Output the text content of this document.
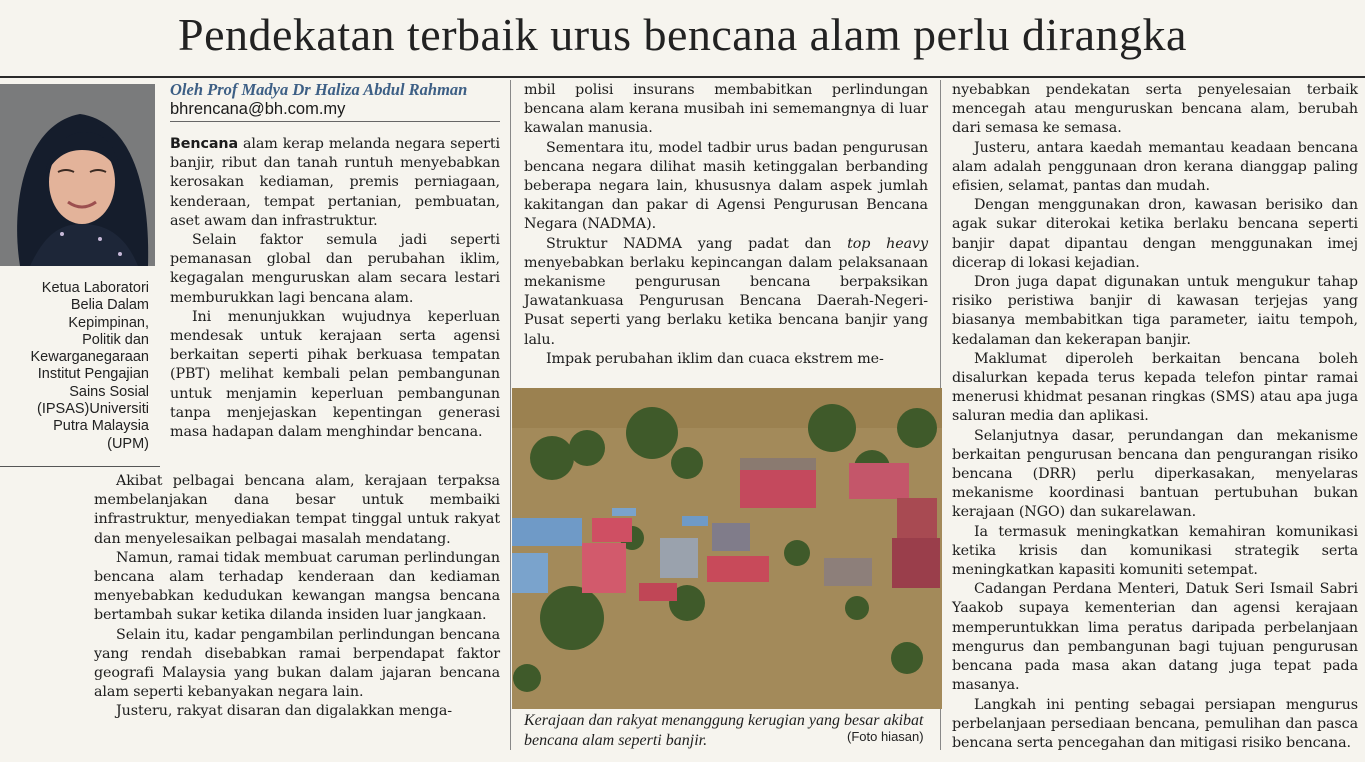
Pendekatan terbaik urus bencana alam perlu dirangka
Ketua Laboratori
Belia Dalam
Kepimpinan,
Politik dan
Kewarganegaraan
Institut Pengajian
Sains Sosial
(IPSAS)Universiti
Putra Malaysia
(UPM)
Oleh Prof Madya Dr Haliza Abdul Rahman
bhrencana@bh.com.my

Bencana alam kerap melanda negara seperti banjir, ribut dan tanah runtuh menyebabkan kerosakan kediaman, premis perniagaan, kenderaan, tempat pertanian, pembuatan, aset awam dan infrastruktur.

Selain faktor semula jadi seperti pemanasan global dan perubahan iklim, kegagalan menguruskan alam secara lestari memburukkan lagi bencana alam.

Ini menunjukkan wujudnya keperluan mendesak untuk kerajaan serta agensi berkaitan seperti pihak berkuasa tempatan (PBT) melihat kembali pelan pembangunan untuk menjamin keperluan pembangunan tanpa menjejaskan kepentingan generasi masa hadapan dalam menghindar bencana.

Akibat pelbagai bencana alam, kerajaan terpaksa membelanjakan dana besar untuk membaiki infrastruktur, menyediakan tempat tinggal untuk rakyat dan menyelesaikan pelbagai masalah mendatang.

Namun, ramai tidak membuat caruman perlindungan bencana alam terhadap kenderaan dan kediaman menyebabkan kedudukan kewangan mangsa bencana bertambah sukar ketika dilanda insiden luar jangkaan.

Selain itu, kadar pengambilan perlindungan bencana yang rendah disebabkan ramai berpendapat faktor geografi Malaysia yang bukan dalam jajaran bencana alam seperti kebanyakan negara lain.

Justeru, rakyat disaran dan digalakkan menga-

mbil polisi insurans membabitkan perlindungan bencana alam kerana musibah ini sememangnya di luar kawalan manusia.

Sementara itu, model tadbir urus badan pengurusan bencana negara dilihat masih ketinggalan berbanding beberapa negara lain, khususnya dalam aspek jumlah kakitangan dan pakar di Agensi Pengurusan Bencana Negara (NADMA).

Struktur NADMA yang padat dan top heavy menyebabkan berlaku kepincangan dalam pelaksanaan mekanisme pengurusan bencana berpaksikan Jawatankuasa Pengurusan Bencana Daerah-Negeri-Pusat seperti yang berlaku ketika bencana banjir yang lalu.

Impak perubahan iklim dan cuaca ekstrem me-

Kerajaan dan rakyat menanggung kerugian yang besar akibat bencana alam seperti banjir.	(Foto hiasan)

nyebabkan pendekatan serta penyelesaian terbaik mencegah atau menguruskan bencana alam, berubah dari semasa ke semasa.

Justeru, antara kaedah memantau keadaan bencana alam adalah penggunaan dron kerana dianggap paling efisien, selamat, pantas dan mudah.

Dengan menggunakan dron, kawasan berisiko dan agak sukar diterokai ketika berlaku bencana seperti banjir dapat dipantau dengan menggunakan imej dicerap di lokasi kejadian.

Dron juga dapat digunakan untuk mengukur tahap risiko peristiwa banjir di kawasan terjejas yang biasanya membabitkan tiga parameter, iaitu tempoh, kedalaman dan kekerapan banjir.

Maklumat diperoleh berkaitan bencana boleh disalurkan kepada terus kepada telefon pintar ramai menerusi khidmat pesanan ringkas (SMS) atau apa juga saluran media dan aplikasi.

Selanjutnya dasar, perundangan dan mekanisme berkaitan pengurusan bencana dan pengurangan risiko bencana (DRR) perlu diperkasakan, menyelaras mekanisme koordinasi bantuan pertubuhan bukan kerajaan (NGO) dan sukarelawan.

Ia termasuk meningkatkan kemahiran komunikasi ketika krisis dan komunikasi strategik serta meningkatkan kapasiti komuniti setempat.

Cadangan Perdana Menteri, Datuk Seri Ismail Sabri Yaakob supaya kementerian dan agensi kerajaan memperuntukkan lima peratus daripada perbelanjaan mengurus dan pembangunan bagi tujuan pengurusan bencana pada masa akan datang juga tepat pada masanya.

Langkah ini penting sebagai persiapan mengurus perbelanjaan persediaan bencana, pemulihan dan pasca bencana serta pencegahan dan mitigasi risiko bencana.
